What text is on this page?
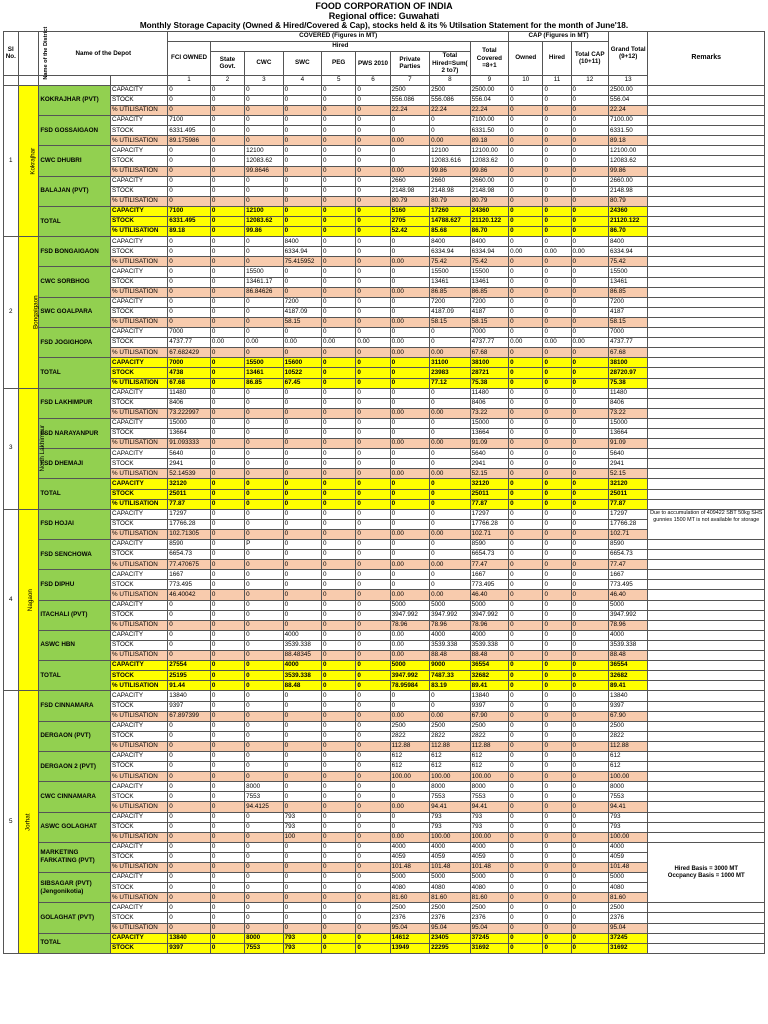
FOOD CORPORATION OF INDIA
Regional office: Guwahati
Monthly Storage Capacity (Owned & Hired/Covered & Cap), stocks held & its % Utilsation Statement for the month of June'18.
Sl No.	Name of the District	Name of the Depot		COVERED (Figures in MT)									CAP (Figures in MT)			Grand Total (9+12)	Remarks
				FCI OWNED	Hired							Total Covered =8+1	Owned	Hired	Total CAP (10+11)		
					State Govt.	CWC	SWC	PEG	PWS 2010	Private Parties	Total Hired=Sum( 2 to7)						
				1	2	3	4	5	6	7	8	9	10	11	12	13	
1	Kokrajhar	KOKRAJHAR (PVT)	CAPACITY	0	0	0	0	0	0	2500	2500	2500.00	0	0	0	2500.00	
			STOCK	0	0	0	0	0	0	556.086	556.086	556.04	0	0	0	556.04	
			% UTILISATION	0	0	0	0	0	0	22.24	22.24	22.24	0	0	0	22.24	
		FSD GOSSAIGAON	CAPACITY	7100	0	0	0	0	0	0	0	7100.00	0	0	0	7100.00	
			STOCK	6331.495	0	0	0	0	0	0	0	6331.50	0	0	0	6331.50	
			% UTILISATION	89.175986	0	0	0	0	0	0.00	0.00	89.18	0	0	0	89.18	
		CWC DHUBRI	CAPACITY	0	0	12100	0	0	0	0	12100	12100.00	0	0	0	12100.00	
			STOCK	0	0	12083.62	0	0	0	0	12083.616	12083.62	0	0	0	12083.62	
			% UTILISATION	0	0	99.8646	0	0	0	0.00	99.86	99.86	0	0	0	99.86	
		BALAJAN (PVT)	CAPACITY	0	0	0	0	0	0	2660	2660	2660.00	0	0	0	2660.00	
			STOCK	0	0	0	0	0	0	2148.98	2148.98	2148.98	0	0	0	2148.98	
			% UTILISATION	0	0	0	0	0	0	80.79	80.79	80.79	0	0	0	80.79	
		TOTAL	CAPACITY	7100	0	12100	0	0	0	5160	17260	24360	0	0	0	24360	
			STOCK	6331.495	0	12083.62	0	0	0	2705	14788.627	21120.122	0	0	0	21120.122	
			% UTILISATION	89.18	0	99.86	0	0	0	52.42	85.68	86.70	0	0	0	86.70	
2	Bongaigaon	FSD BONGAIGAON	CAPACITY	0	0	0	8400	0	0	0	8400	8400	0	0	0	8400	
			STOCK	0	0	0	6334.94	0	0	0	6334.94	6334.94	0.00	0.00	0.00	6334.94	
			% UTILISATION	0	0	0	75.415952	0	0	0.00	75.42	75.42	0	0	0	75.42	
		CWC SORBHOG	CAPACITY	0	0	15500	0	0	0	0	15500	15500	0	0	0	15500	
			STOCK	0	0	13461.17	0	0	0	0	13461	13461	0	0	0	13461	
			% UTILISATION	0	0	86.84626	0	0	0	0.00	86.85	86.85	0	0	0	86.85	
		SWC GOALPARA	CAPACITY	0	0	0	7200	0	0	0	7200	7200	0	0	0	7200	
			STOCK	0	0	0	4187.09	0	0	0	4187.09	4187	0	0	0	4187	
			% UTILISATION	0	0	0	58.15	0	0	0.00	58.15	58.15	0	0	0	58.15	
		FSD JOGIGHOPA	CAPACITY	7000	0	0	0	0	0	0	0	7000	0	0	0	7000	
			STOCK	4737.77	0.00	0.00	0.00	0.00	0.00	0.00	0	4737.77	0.00	0.00	0.00	4737.77	
			% UTILISATION	67.682429	0	0	0	0	0	0.00	0.00	67.68	0	0	0	67.68	
		TOTAL	CAPACITY	7000	0	15500	15600	0	0	0	31100	38100	0	0	0	38100	
			STOCK	4738	0	13461	10522	0	0	0	23983	28721	0	0	0	28720.97	
			% UTILISATION	67.68	0	86.85	67.45	0	0	0	77.12	75.38	0	0	0	75.38	
3	North Lakhimpur	FSD LAKHIMPUR	CAPACITY	11480	0	0	0	0	0	0	0	11480	0	0	0	11480	
			STOCK	8406	0	0	0	0	0	0	0	8406	0	0	0	8406	
			% UTILISATION	73.222997	0	0	0	0	0	0.00	0.00	73.22	0	0	0	73.22	
		FSD NARAYANPUR	CAPACITY	15000	0	0	0	0	0	0	0	15000	0	0	0	15000	
			STOCK	13664	0	0	0	0	0	0	0	13664	0	0	0	13664	
			% UTILISATION	91.093333	0	0	0	0	0	0.00	0.00	91.09	0	0	0	91.09	
		FSD DHEMAJI	CAPACITY	5640	0	0	0	0	0	0	0	5640	0	0	0	5640	
			STOCK	2941	0	0	0	0	0	0	0	2941	0	0	0	2941	
			% UTILISATION	52.14539	0	0	0	0	0	0.00	0.00	52.15	0	0	0	52.15	
		TOTAL	CAPACITY	32120	0	0	0	0	0	0	0	32120	0	0	0	32120	
			STOCK	25011	0	0	0	0	0	0	0	25011	0	0	0	25011	
			% UTILISATION	77.87	0	0	0	0	0	0	0	77.87	0	0	0	77.87	
4	Nagaon	FSD HOJAI	CAPACITY	17297	0	0	0	0	0	0	0	17297	0	0	0	17297	Due to accumulation of 409422 SBT 50kg SHS gunnies 1500 MT is not available for storage
			STOCK	17766.28	0	0	0	0	0	0	0	17766.28	0	0	0	17766.28	
			% UTILISATION	102.71305	0	0	0	0	0	0.00	0.00	102.71	0	0	0	102.71	
		FSD SENCHOWA	CAPACITY	8590	0	P	0	0	0	0	0	8590	0	0	0	8590	
			STOCK	6654.73	0	0	0	0	0	0	0	6654.73	0	0	0	6654.73	
			% UTILISATION	77.470675	0	0	0	0	0	0.00	0.00	77.47	0	0	0	77.47	
		FSD DIPHU	CAPACITY	1667	0	0	0	0	0	0	0	1667	0	0	0	1667	
			STOCK	773.495	0	0	0	0	0	0	0	773.495	0	0	0	773.495	
			% UTILISATION	46.40042	0	0	0	0	0	0.00	0.00	46.40	0	0	0	46.40	
		ITACHALI (PVT)	CAPACITY	0	0	0	0	0	0	5000	5000	5000	0	0	0	5000	
			STOCK	0	0	0	0	0	0	3947.992	3947.992	3947.992	0	0	0	3947.992	
			% UTILISATION	0	0	0	0	0	0	78.96	78.96	78.96	0	0	0	78.96	
		ASWC HBN	CAPACITY	0	0	0	4000	0	0	0.00	4000	4000	0	0	0	4000	
			STOCK	0	0	0	3539.338	0	0	0.00	3539.338	3539.338	0	0	0	3539.338	
			% UTILISATION	0	0	0	88.48345	0	0	0.00	88.48	88.48	0	0	0	88.48	
		TOTAL	CAPACITY	27554	0	0	4000	0	0	5000	9000	36554	0	0	0	36554	
			STOCK	25195	0	0	3539.338	0	0	3947.992	7487.33	32682	0	0	0	32682	
			% UTILISATION	91.44	0	0	88.48	0	0	78.95984	83.19	89.41	0	0	0	89.41	
5	Jorhat	FSD CINNAMARA	CAPACITY	13840	0	0	0	0	0	0	0	13840	0	0	0	13840	
			STOCK	9397	0	0	0	0	0	0	0	9397	0	0	0	9397	
			% UTILISATION	67.897399	0	0	0	0	0	0.00	0.00	67.90	0	0	0	67.90	
		DERGAON (PVT)	CAPACITY	0	0	0	0	0	0	2500	2500	2500	0	0	0	2500	
			STOCK	0	0	0	0	0	0	2822	2822	2822	0	0	0	2822	
			% UTILISATION	0	0	0	0	0	0	112.88	112.88	112.88	0	0	0	112.88	
		DERGAON 2 (PVT)	CAPACITY	0	0	0	0	0	0	612	612	612	0	0	0	612	
			STOCK	0	0	0	0	0	0	612	612	612	0	0	0	612	
			% UTILISATION	0	0	0	0	0	0	100.00	100.00	100.00	0	0	0	100.00	
		CWC CINNAMARA	CAPACITY	0	0	8000	0	0	0	0	8000	8000	0	0	0	8000	
			STOCK	0	0	7553	0	0	0	0	7553	7553	0	0	0	7553	
			% UTILISATION	0	0	94.4125	0	0	0	0.00	94.41	94.41	0	0	0	94.41	
		ASWC GOLAGHAT	CAPACITY	0	0	0	793	0	0	0	793	793	0	0	0	793	
			STOCK	0	0	0	793	0	0	0	793	793	0	0	0	793	
			% UTILISATION	0	0	0	100	0	0	0.00	100.00	100.00	0	0	0	100.00	
		MARKETING FARKATING (PVT)	CAPACITY	0	0	0	0	0	0	4000	4000	4000	0	0	0	4000	Hired Basis = 3000 MT
Occpancy Basis = 1000 MT

			STOCK	0	0	0	0	0	0	4059	4059	4059	0	0	0	4059	
			% UTILISATION	0	0	0	0	0	0	101.48	101.48	101.48	0	0	0	101.48	
		SIBSAGAR (PVT) (Jengonikotia)	CAPACITY	0	0	0	0	0	0	5000	5000	5000	0	0	0	5000	
			STOCK	0	0	0	0	0	0	4080	4080	4080	0	0	0	4080	
			% UTILISATION	0	0	0	0	0	0	81.60	81.60	81.60	0	0	0	81.60	
		GOLAGHAT (PVT)	CAPACITY	0	0	0	0	0	0	2500	2500	2500	0	0	0	2500	
			STOCK	0	0	0	0	0	0	2376	2376	2376	0	0	0	2376	
			% UTILISATION	0	0	0	0	0	0	95.04	95.04	95.04	0	0	0	95.04	
		TOTAL	CAPACITY	13840	0	8000	793	0	0	14612	23405	37245	0	0	0	37245	
			STOCK	9397	0	7553	793	0	0	13949	22295	31692	0	0	0	31692	
